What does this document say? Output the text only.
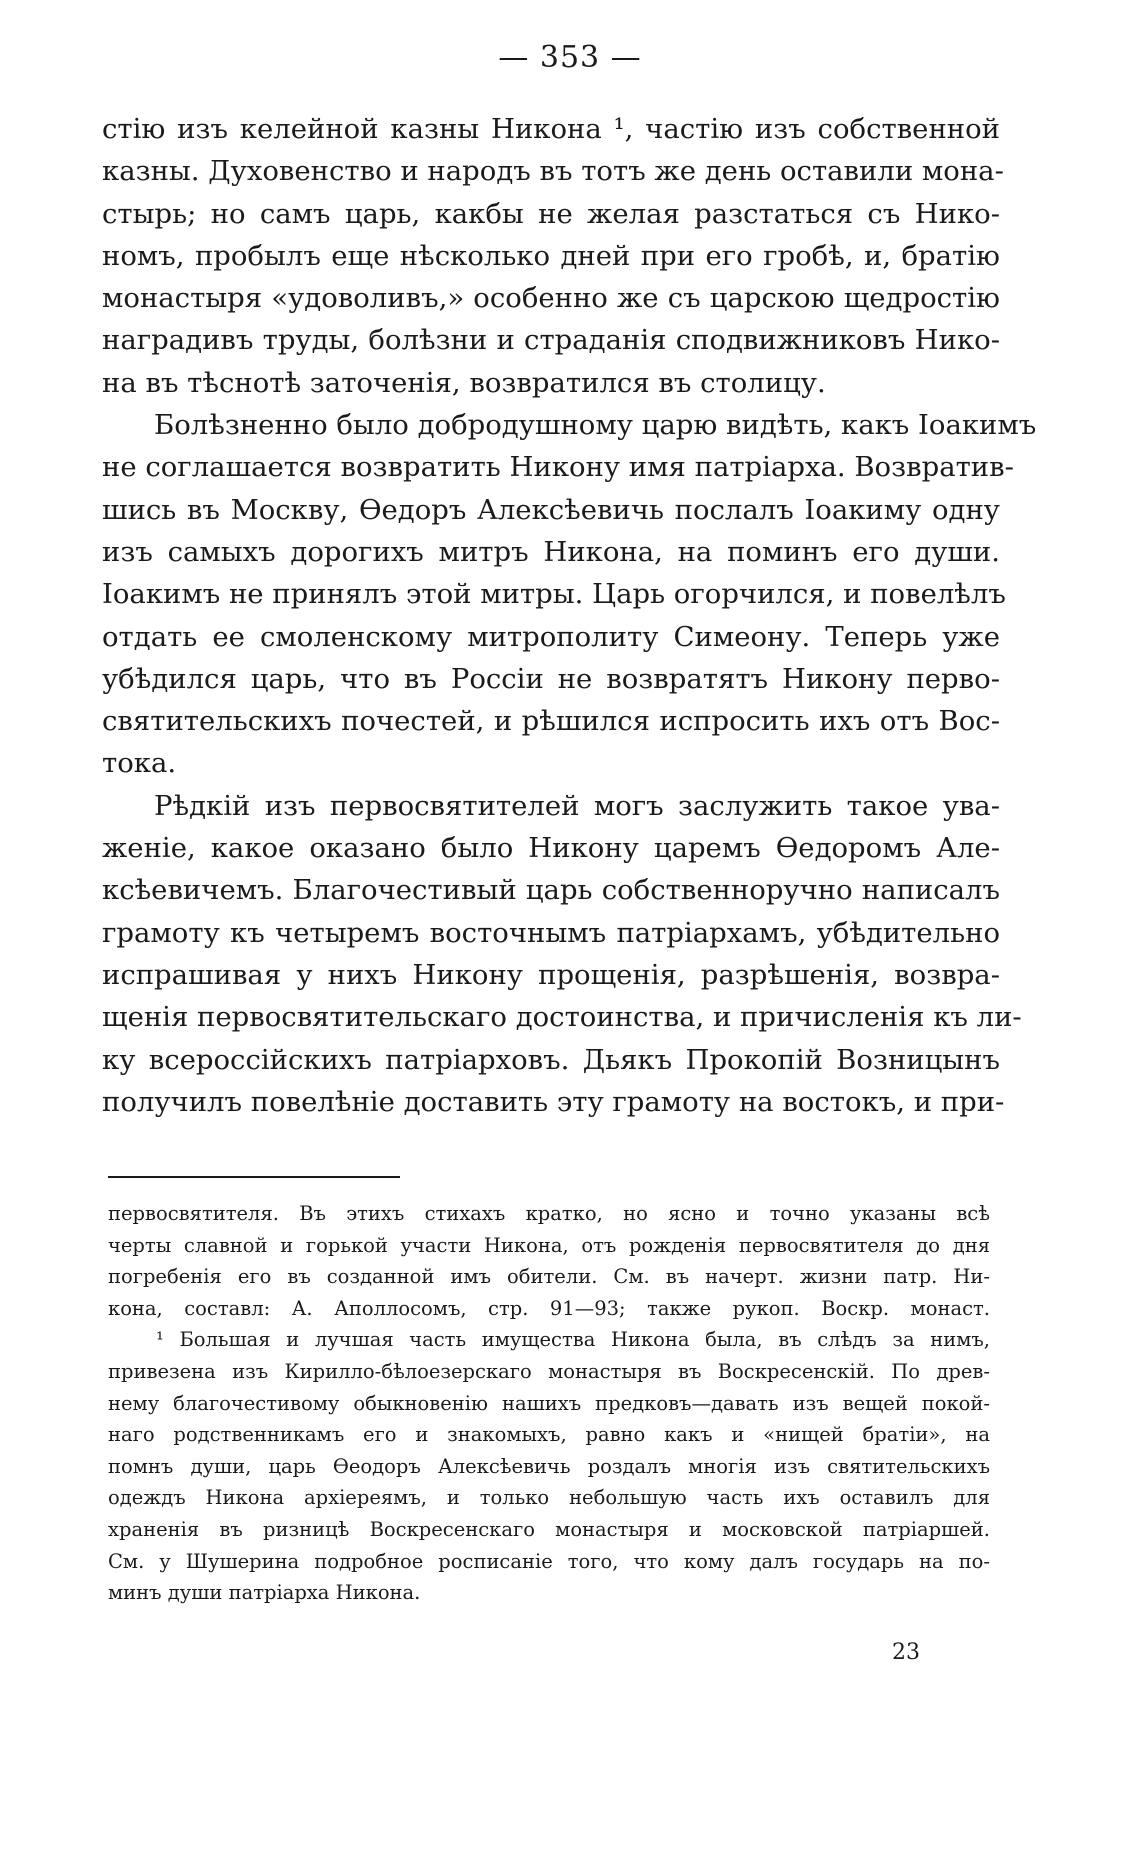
— 353 —
стію изъ келейной казны Никона ¹, частію изъ собственной
казны. Духовенство и народъ въ тотъ же день оставили мона-
стырь; но самъ царь, какбы не желая разстаться съ Нико-
номъ, пробылъ еще нѣсколько дней при его гробѣ, и, братію
монастыря «удоволивъ,» особенно же съ царскою щедростію
наградивъ труды, болѣзни и страданія сподвижниковъ Нико-
на въ тѣснотѣ заточенія, возвратился въ столицу.
Болѣзненно было добродушному царю видѣть, какъ Іоакимъ
не соглашается возвратить Никону имя патріарха. Возвратив-
шись въ Москву, Ѳедоръ Алексѣевичь послалъ Іоакиму одну
изъ самыхъ дорогихъ митръ Никона, на поминъ его души.
Іоакимъ не принялъ этой митры. Царь огорчился, и повелѣлъ
отдать ее смоленскому митрополиту Симеону. Теперь уже
убѣдился царь, что въ Россіи не возвратятъ Никону перво-
святительскихъ почестей, и рѣшился испросить ихъ отъ Вос-
тока.
Рѣдкій изъ первосвятителей могъ заслужить такое ува-
женіе, какое оказано было Никону царемъ Ѳедоромъ Але-
ксѣевичемъ. Благочестивый царь собственноручно написалъ
грамоту къ четыремъ восточнымъ патріархамъ, убѣдительно
испрашивая у нихъ Никону прощенія, разрѣшенія, возвра-
щенія первосвятительскаго достоинства, и причисленія къ ли-
ку всероссійскихъ патріарховъ. Дьякъ Прокопій Возницынъ
получилъ повелѣніе доставить эту грамоту на востокъ, и при-
первосвятителя. Въ этихъ стихахъ кратко, но ясно и точно указаны всѣ
черты славной и горькой участи Никона, отъ рожденія первосвятителя до дня
погребенія его въ созданной имъ обители. См. въ начерт. жизни патр. Ни-
кона, составл: А. Аполлосомъ, стр. 91—93; также рукоп. Воскр. монаст.
¹ Большая и лучшая часть имущества Никона была, въ слѣдъ за нимъ,
привезена изъ Кирилло-бѣлоезерскаго монастыря въ Воскресенскій. По древ-
нему благочестивому обыкновенію нашихъ предковъ—давать изъ вещей покой-
наго родственникамъ его и знакомыхъ, равно какъ и «нищей братіи», на
помнъ души, царь Ѳеодоръ Алексѣевичь роздалъ многія изъ святительскихъ
одеждъ Никона архіереямъ, и только небольшую часть ихъ оставилъ для
храненія въ ризницѣ Воскресенскаго монастыря и московской патріаршей.
См. у Шушерина подробное росписаніе того, что кому далъ государь на по-
минъ души патріарха Никона.
23
